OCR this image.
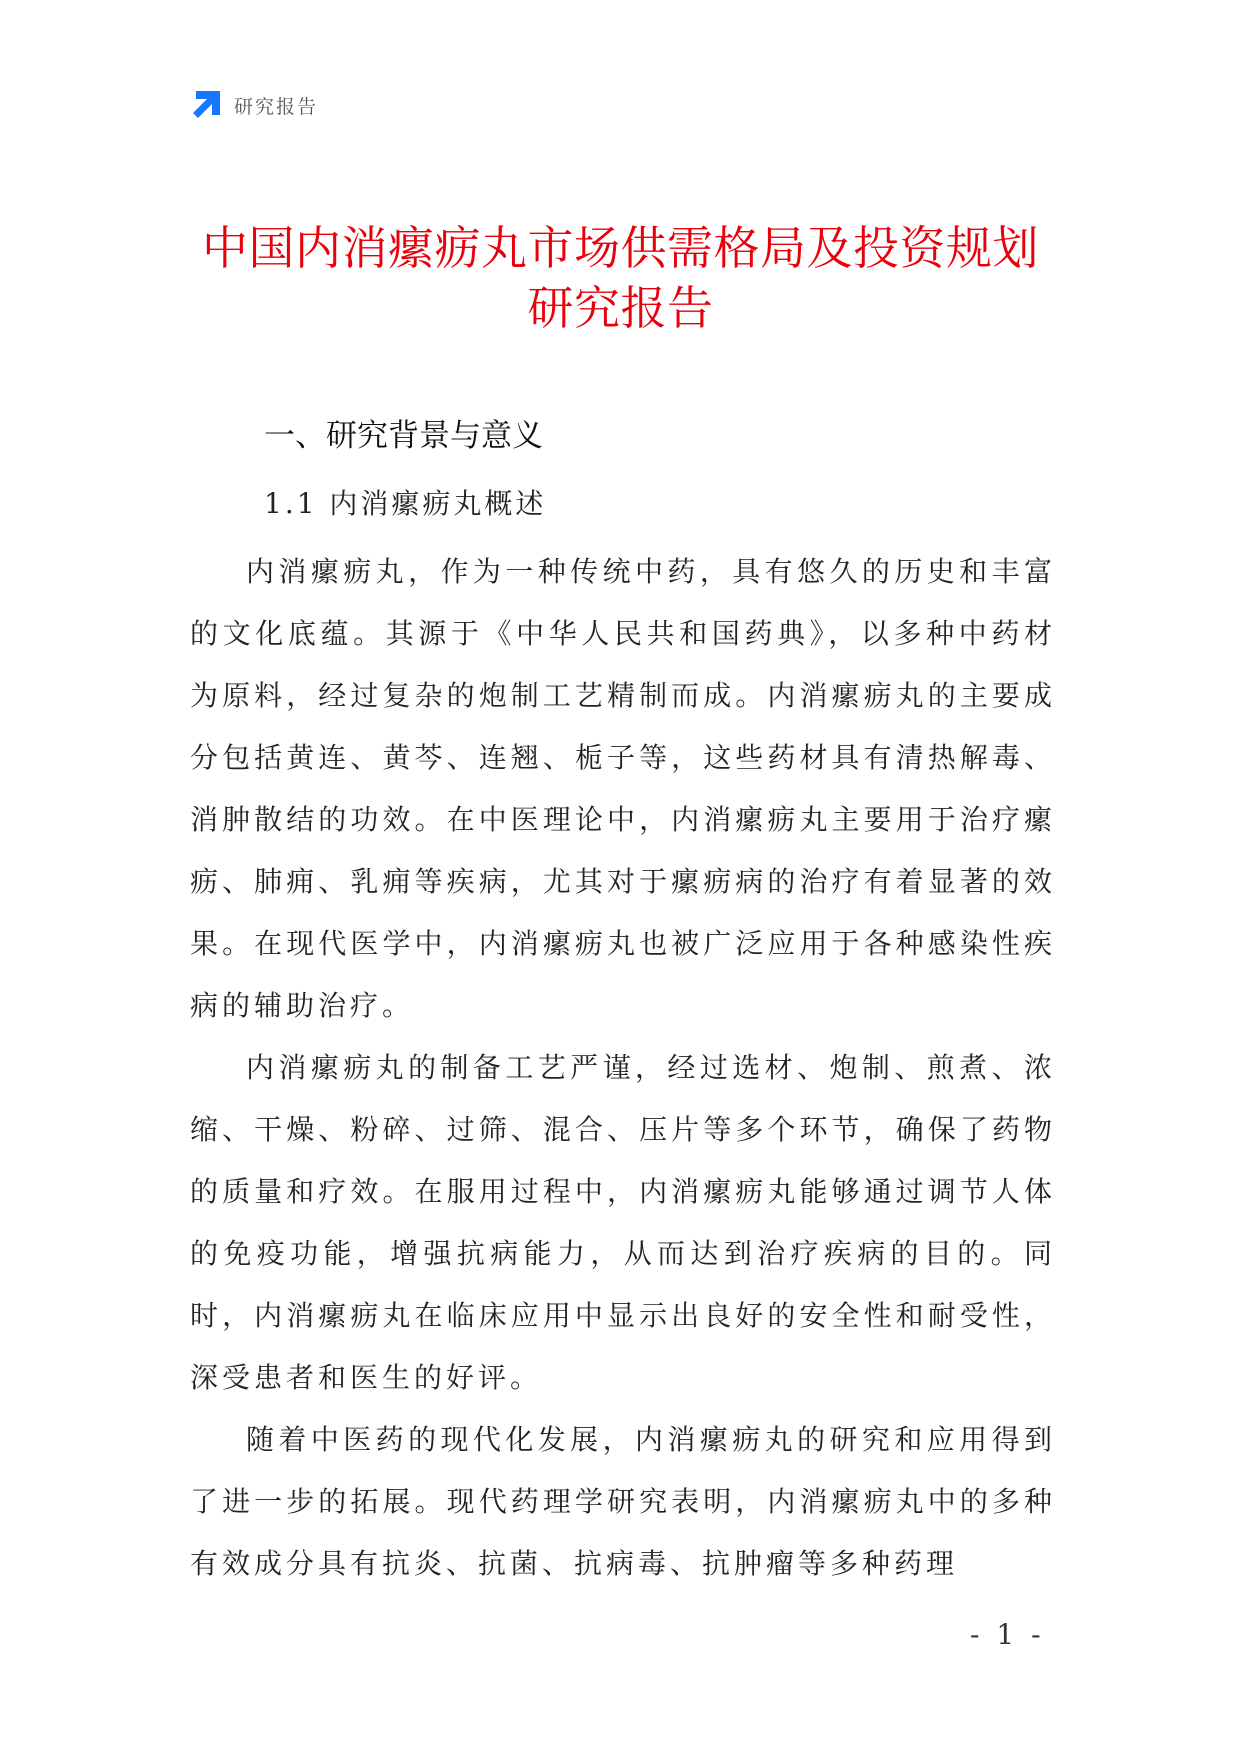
研究报告
中国内消瘰疬丸市场供需格局及投资规划
研究报告
一、研究背景与意义
1.1 内消瘰疬丸概述

内消瘰疬丸，作为一种传统中药，具有悠久的历史和丰富的文化底蕴。其源于《中华人民共和国药典》，以多种中药材为原料，经过复杂的炮制工艺精制而成。内消瘰疬丸的主要成分包括黄连、黄芩、连翘、栀子等，这些药材具有清热解毒、消肿散结的功效。在中医理论中，内消瘰疬丸主要用于治疗瘰疬、肺痈、乳痈等疾病，尤其对于瘰疬病的治疗有着显著的效果。在现代医学中，内消瘰疬丸也被广泛应用于各种感染性疾病的辅助治疗。

内消瘰疬丸的制备工艺严谨，经过选材、炮制、煎煮、浓缩、干燥、粉碎、过筛、混合、压片等多个环节，确保了药物的质量和疗效。在服用过程中，内消瘰疬丸能够通过调节人体的免疫功能，增强抗病能力，从而达到治疗疾病的目的。同时，内消瘰疬丸在临床应用中显示出良好的安全性和耐受性，深受患者和医生的好评。

随着中医药的现代化发展，内消瘰疬丸的研究和应用得到了进一步的拓展。现代药理学研究表明，内消瘰疬丸中的多种有效成分具有抗炎、抗菌、抗病毒、抗肿瘤等多种药理

- 1 -
